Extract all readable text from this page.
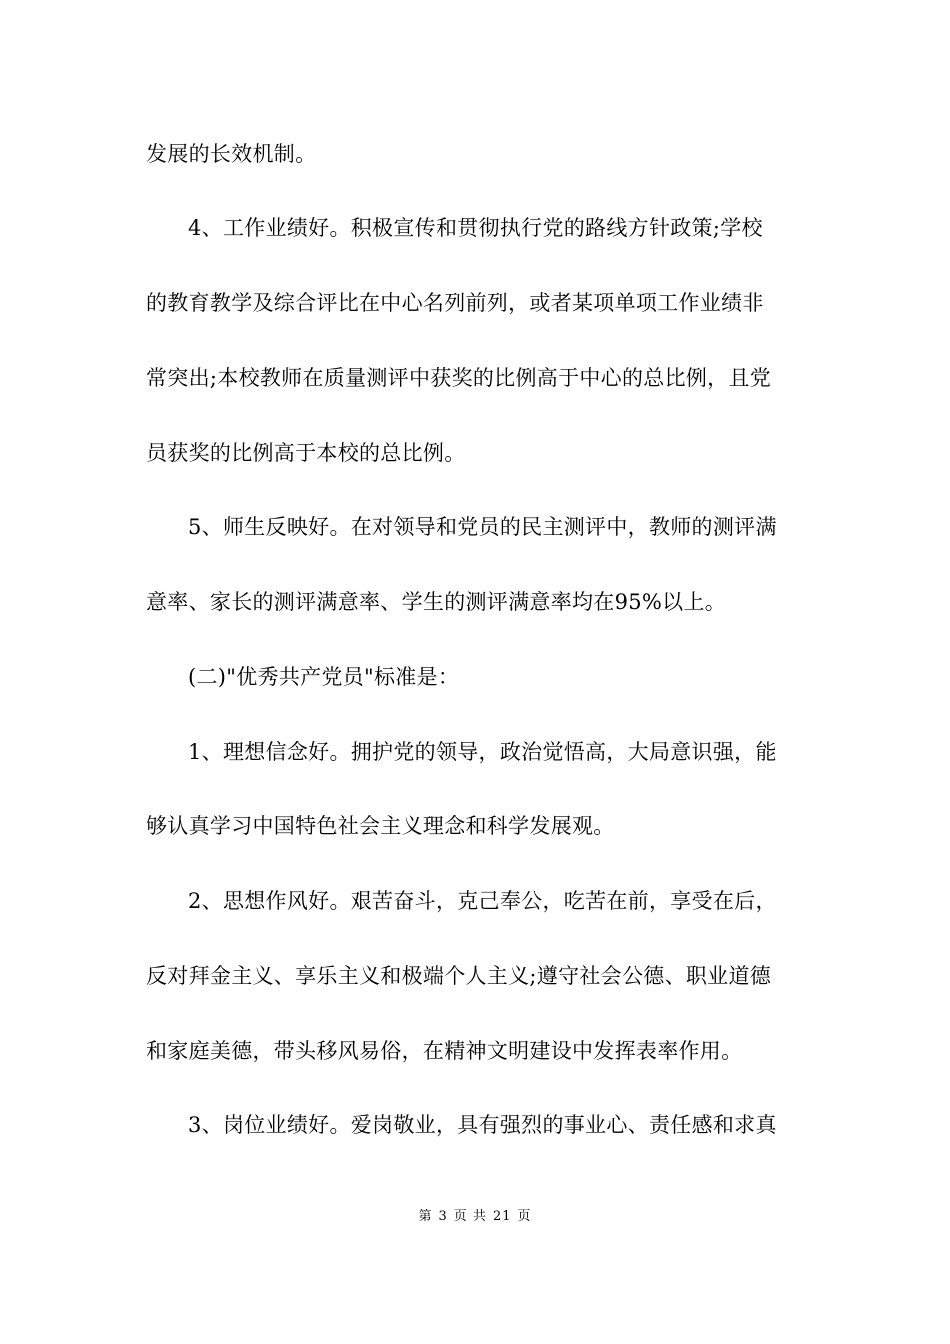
发展的长效机制。
4、工作业绩好。积极宣传和贯彻执行党的路线方针政策;学校
的教育教学及综合评比在中心名列前列，或者某项单项工作业绩非
常突出;本校教师在质量测评中获奖的比例高于中心的总比例，且党
员获奖的比例高于本校的总比例。
5、师生反映好。在对领导和党员的民主测评中，教师的测评满
意率、家长的测评满意率、学生的测评满意率均在95%以上。
(二)"优秀共产党员"标准是：
1、理想信念好。拥护党的领导，政治觉悟高，大局意识强，能
够认真学习中国特色社会主义理念和科学发展观。
2、思想作风好。艰苦奋斗，克己奉公，吃苦在前，享受在后，
反对拜金主义、享乐主义和极端个人主义;遵守社会公德、职业道德
和家庭美德，带头移风易俗，在精神文明建设中发挥表率作用。
3、岗位业绩好。爱岗敬业，具有强烈的事业心、责任感和求真
第 3 页 共 21 页
